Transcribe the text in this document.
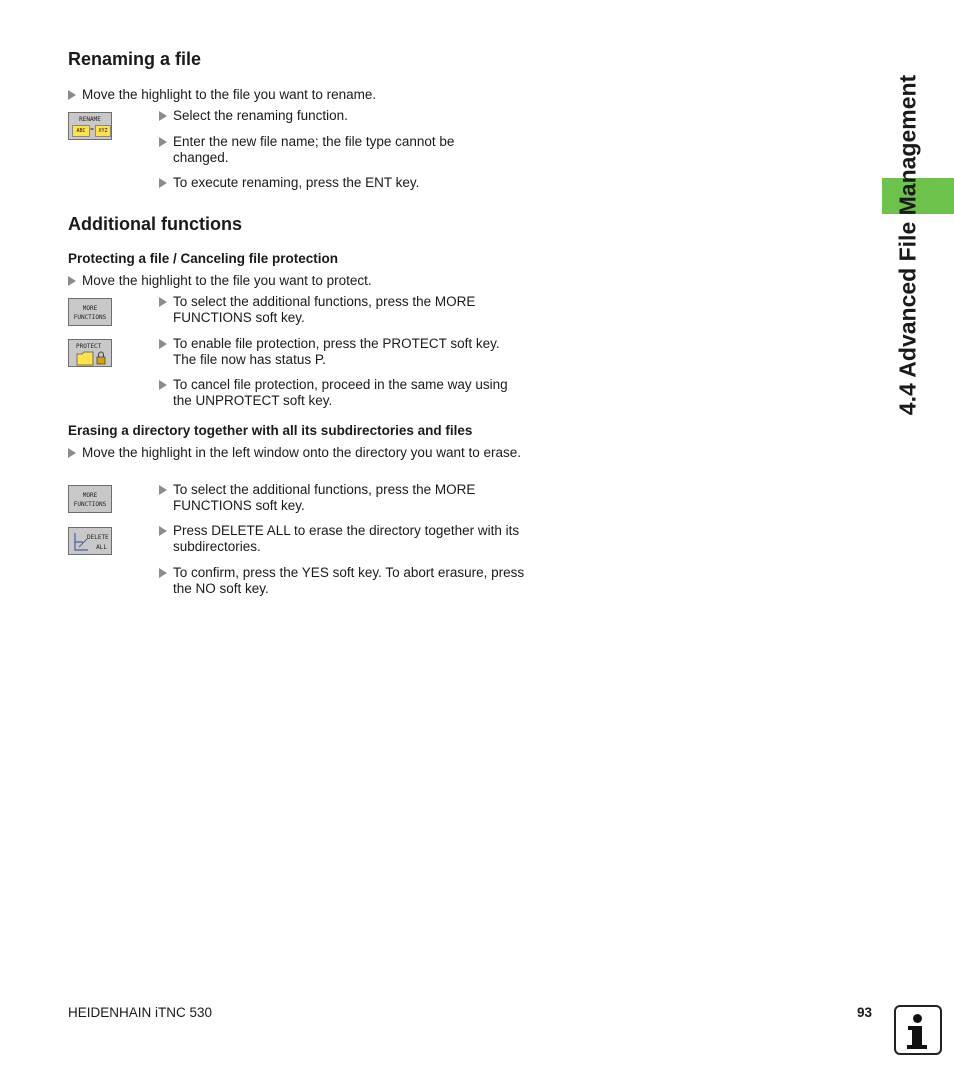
4.4 Advanced File Management
Renaming a file
Move the highlight to the file you want to rename.
RENAME
ABC = XYZ
Select the renaming function.
Enter the new file name; the file type cannot be changed.
To execute renaming, press the ENT key.
Additional functions
Protecting a file / Canceling file protection
Move the highlight to the file you want to protect.
MORE
FUNCTIONS
To select the additional functions, press the MORE FUNCTIONS soft key.
PROTECT	To enable file protection, press the PROTECT soft key. The file now has status P.
To cancel file protection, proceed in the same way using the UNPROTECT soft key.
Erasing a directory together with all its subdirectories and files
Move the highlight in the left window onto the directory you want to erase.
MORE
FUNCTIONS
To select the additional functions, press the MORE FUNCTIONS soft key.
DELETE
ALL
Press DELETE ALL to erase the directory together with its subdirectories.
To confirm, press the YES soft key. To abort erasure, press the NO soft key.
HEIDENHAIN iTNC 530	93
